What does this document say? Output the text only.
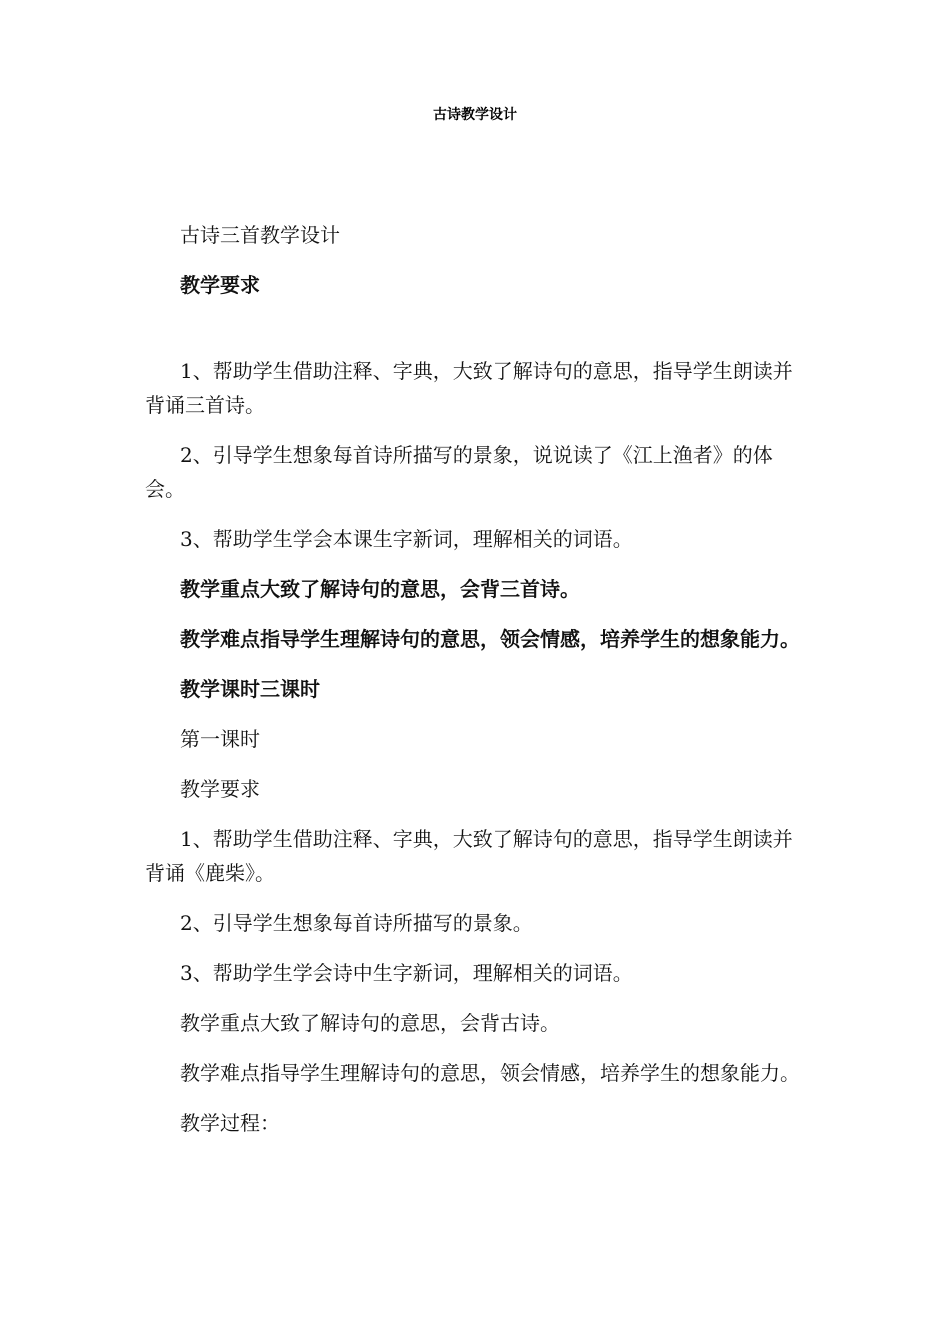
古诗教学设计

古诗三首教学设计

教学要求

1、帮助学生借助注释、字典，大致了解诗句的意思，指导学生朗读并背诵三首诗。

2、引导学生想象每首诗所描写的景象，说说读了《江上渔者》的体会。

3、帮助学生学会本课生字新词，理解相关的词语。

教学重点大致了解诗句的意思，会背三首诗。

教学难点指导学生理解诗句的意思，领会情感，培养学生的想象能力。

教学课时三课时

第一课时

教学要求

1、帮助学生借助注释、字典，大致了解诗句的意思，指导学生朗读并背诵《鹿柴》。

2、引导学生想象每首诗所描写的景象。

3、帮助学生学会诗中生字新词，理解相关的词语。

教学重点大致了解诗句的意思，会背古诗。

教学难点指导学生理解诗句的意思，领会情感，培养学生的想象能力。

教学过程：
